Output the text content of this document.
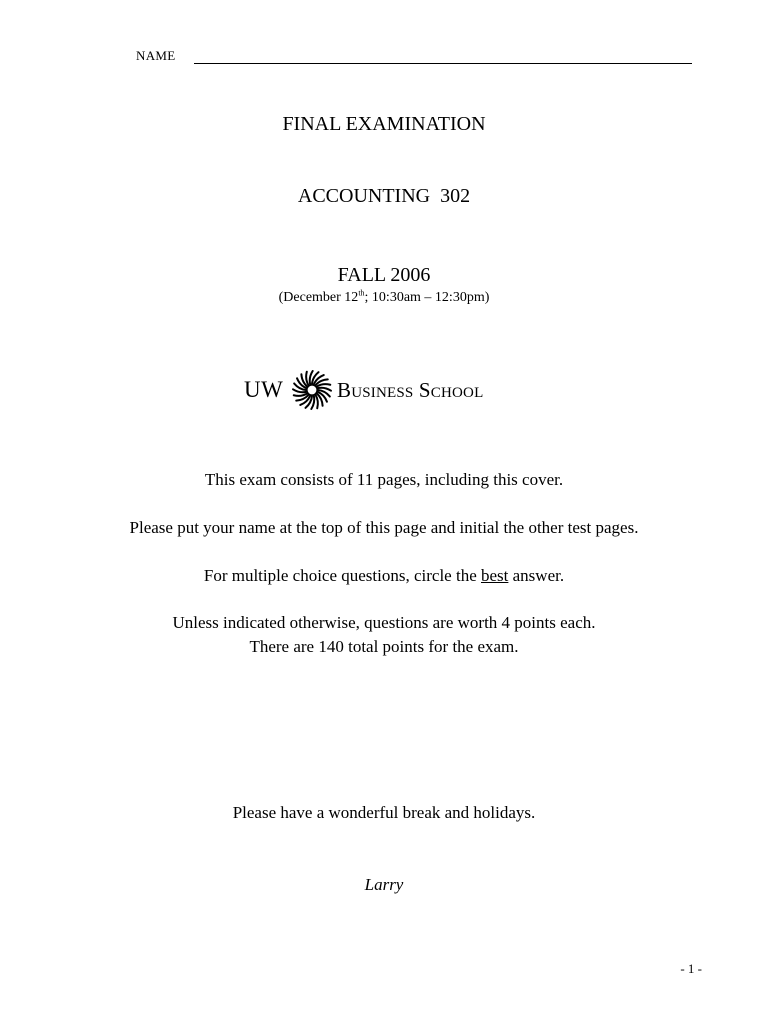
NAME
FINAL EXAMINATION
ACCOUNTING  302
FALL 2006
(December 12th; 10:30am – 12:30pm)
UW	Business School
This exam consists of 11 pages, including this cover.
Please put your name at the top of this page and initial the other test pages.
For multiple choice questions, circle the best answer.
Unless indicated otherwise, questions are worth 4 points each.
There are 140 total points for the exam.
Please have a wonderful break and holidays.
Larry
- 1 -
